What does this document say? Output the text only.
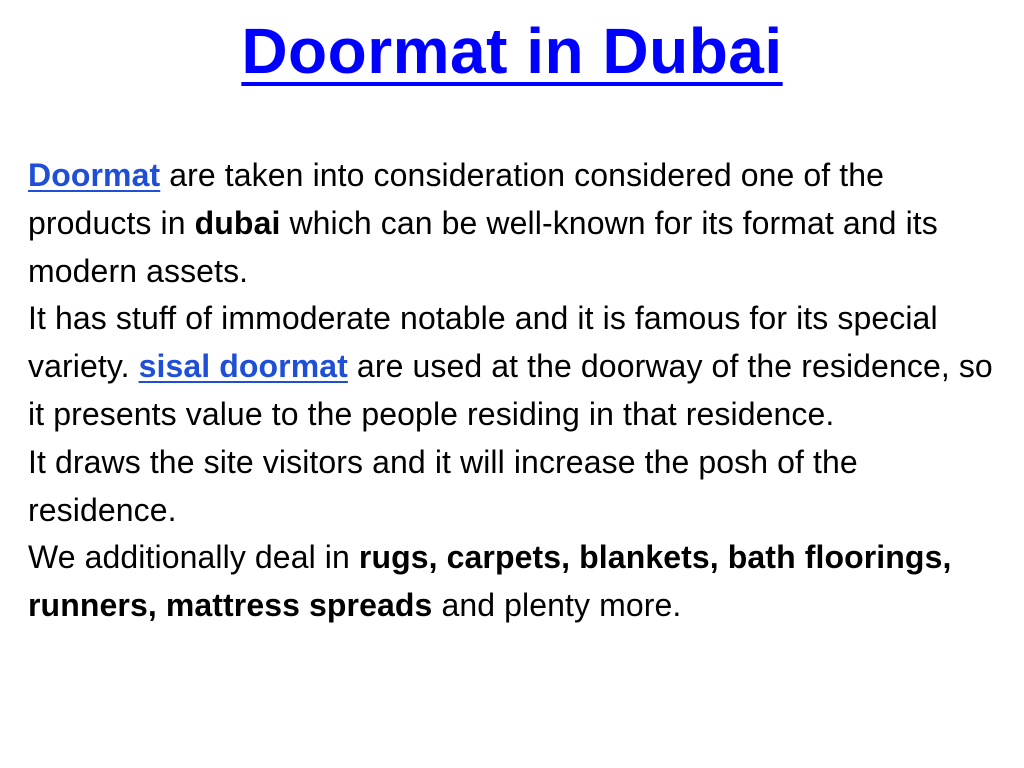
Doormat in Dubai

Doormat are taken into consideration considered one of the products in dubai which can be well-known for its format and its modern assets.

It has stuff of immoderate notable and it is famous for its special variety. sisal doormat are used at the doorway of the residence, so it presents value to the people residing in that residence.

It draws the site visitors and it will increase the posh of the residence.

We additionally deal in rugs, carpets, blankets, bath floorings, runners, mattress spreads and plenty more.
